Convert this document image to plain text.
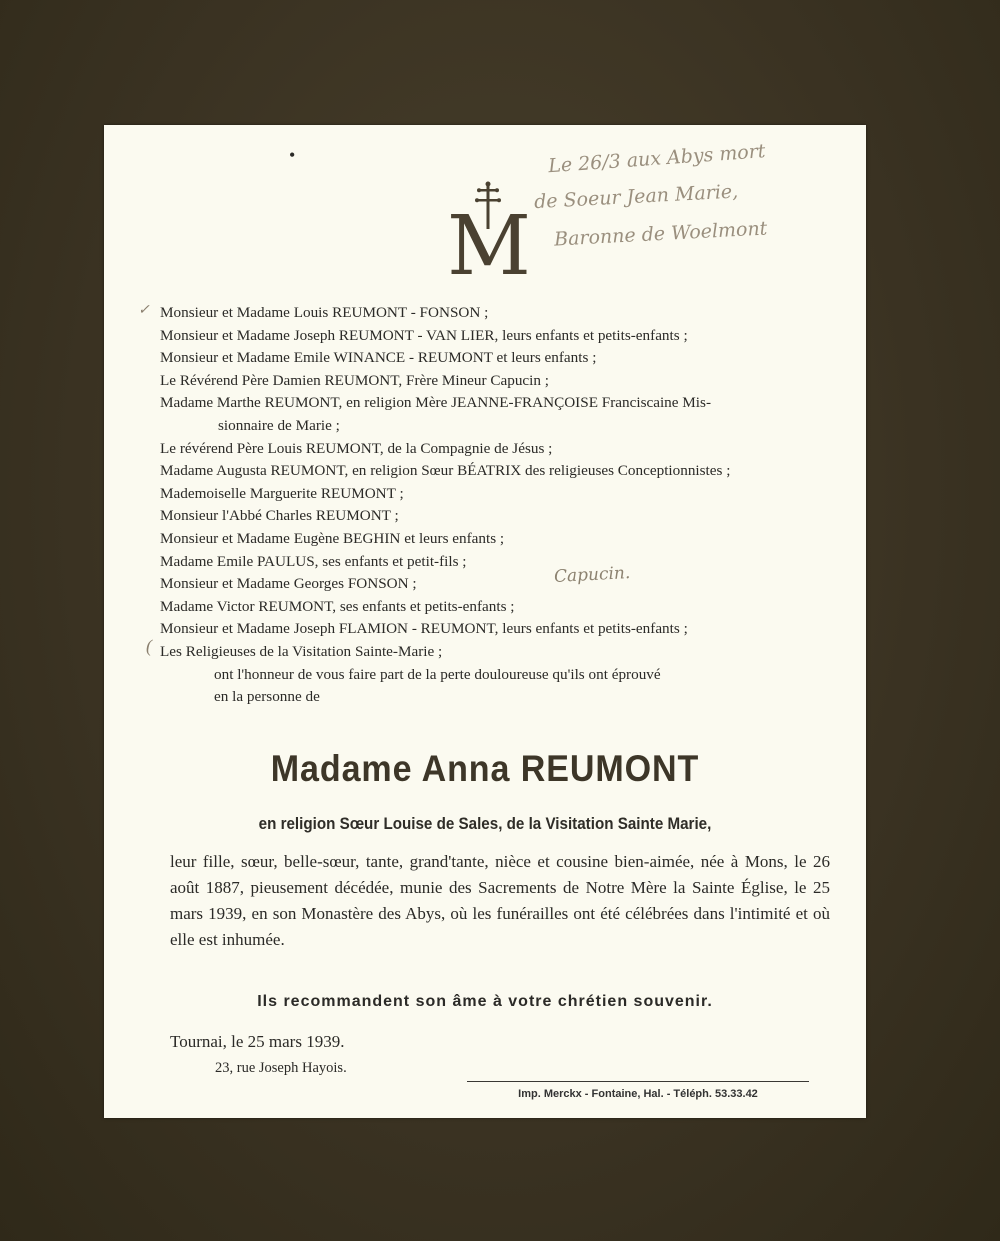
•
M
Le 26/3 aux Abys mort
de Soeur Jean Marie,
Baronne de Woelmont
✓
(
Monsieur et Madame Louis REUMONT - FONSON ;
Monsieur et Madame Joseph REUMONT - VAN LIER, leurs enfants et petits-enfants ;
Monsieur et Madame Emile WINANCE - REUMONT et leurs enfants ;
Le Révérend Père Damien REUMONT, Frère Mineur Capucin ;
Madame Marthe REUMONT, en religion Mère JEANNE-FRANÇOISE Franciscaine Mis-
sionnaire de Marie ;
Le révérend Père Louis REUMONT, de la Compagnie de Jésus ;
Madame Augusta REUMONT, en religion Sœur BÉATRIX des religieuses Conceptionnistes ;
Mademoiselle Marguerite REUMONT ;
Monsieur l'Abbé Charles REUMONT ;
Monsieur et Madame Eugène BEGHIN et leurs enfants ;
Madame Emile PAULUS, ses enfants et petit-fils ;
Monsieur et Madame Georges FONSON ;
Madame Victor REUMONT, ses enfants et petits-enfants ;
Monsieur et Madame Joseph FLAMION - REUMONT, leurs enfants et petits-enfants ;
Les Religieuses de la Visitation Sainte-Marie ;
ont l'honneur de vous faire part de la perte douloureuse qu'ils ont éprouvé
en la personne de
Capucin.
Madame Anna REUMONT
en religion Sœur Louise de Sales, de la Visitation Sainte Marie,
leur fille, sœur, belle-sœur, tante, grand'tante, nièce et cousine bien-aimée, née à Mons, le 26 août 1887, pieusement décédée, munie des Sacrements de Notre Mère la Sainte Église, le 25 mars 1939, en son Monastère des Abys, où les funérailles ont été célébrées dans l'intimité et où elle est inhumée.
Ils recommandent son âme à votre chrétien souvenir.
Tournai, le 25 mars 1939.
23, rue Joseph Hayois.
Imp. Merckx - Fontaine, Hal. - Téléph. 53.33.42
